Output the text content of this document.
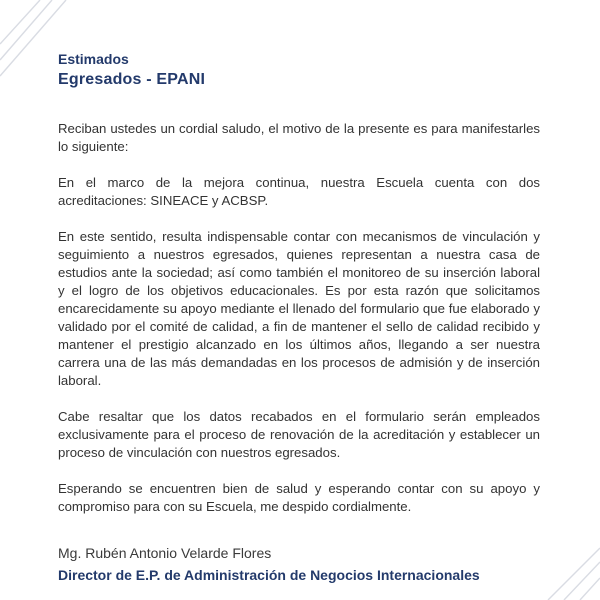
Estimados

Egresados - EPANI

Reciban ustedes un cordial saludo, el motivo de la presente es para manifestarles lo siguiente:

En el marco de la mejora continua, nuestra Escuela cuenta con dos acreditaciones: SINEACE y ACBSP.

En este sentido, resulta indispensable contar con mecanismos de vinculación y seguimiento a nuestros egresados, quienes representan a nuestra casa de estudios ante la sociedad; así como también el monitoreo de su inserción laboral y el logro de los objetivos educacionales. Es por esta razón que solicitamos encarecidamente su apoyo mediante el llenado del formulario que fue elaborado y validado por el comité de calidad, a fin de mantener el sello de calidad recibido y mantener el prestigio alcanzado en los últimos años, llegando a ser nuestra carrera una de las más demandadas en los procesos de admisión y de inserción laboral.

Cabe resaltar que los datos recabados en el formulario serán empleados exclusivamente para el proceso de renovación de la acreditación y establecer un proceso de vinculación con nuestros egresados.

Esperando se encuentren bien de salud y esperando contar con su apoyo y compromiso para con su Escuela, me despido cordialmente.

Mg. Rubén Antonio Velarde Flores

Director de E.P. de Administración de Negocios Internacionales
